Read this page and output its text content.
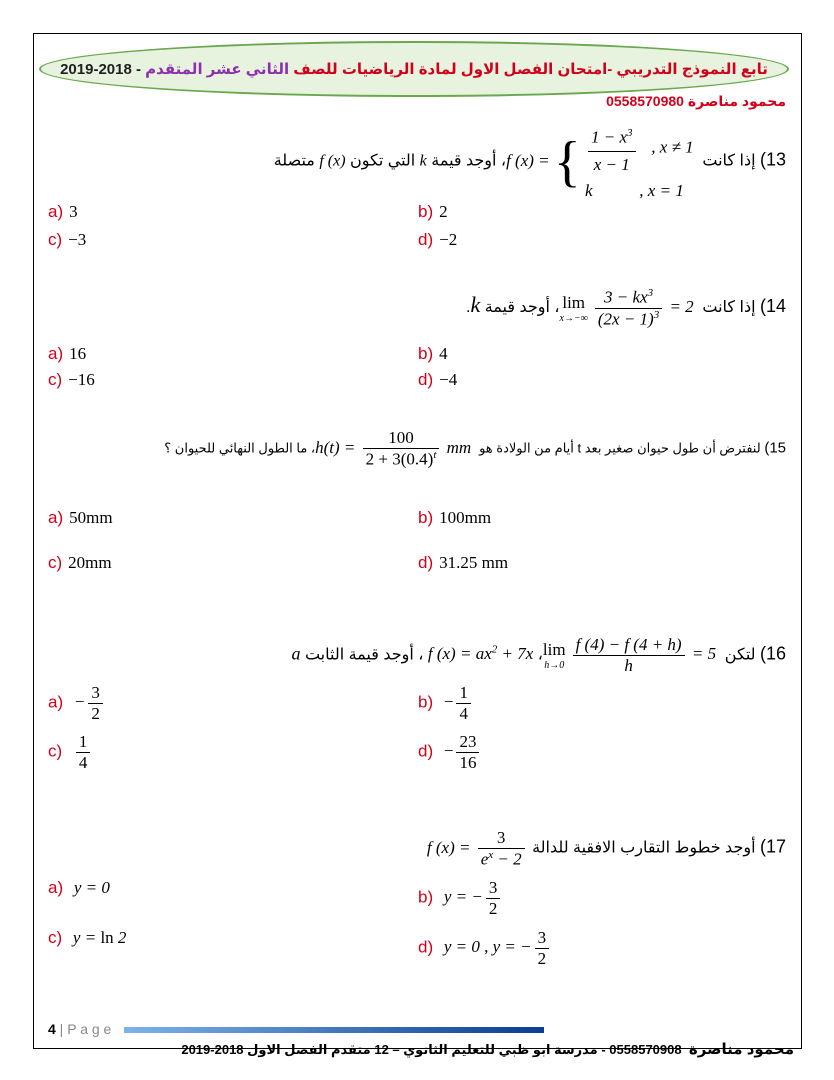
تابع النموذج التدريبي -امتحان الفصل الاول لمادة الرياضيات للصف الثاني عشر المتقدم - 2018-2019
محمود مناصرة 0558570980
13) إذا كانت f (x) = { $\frac{1 - x^3}{x - 1}$ , x ≠ 1
k           , x = 1
، أوجد قيمة k التي تكون f (x) متصلة
a) 3	b) 2
c) −3	d) −2
14) إذا كانت lim
$x\to-\infty \frac{3 - kx^3}{(2x - 1)^3} = 2$ ، أوجد قيمة k.
a) 16	b) 4
c) −16	d) −4
15) لنفترض أن طول حيوان صغير بعد t أيام من الولادة هو $h(t) = \frac{100}{2 + 3(0.4)^t}$ mm ، ما الطول النهائي للحيوان ؟
a) 50mm	b) 100mm
c) 20mm	d) 31.25 mm
16) لتكن lim
$h\to 0 \frac{f (4) - f (4 + h)}{h} = 5$ ، f $(x) = ax^2 + 7x$ ، أوجد قيمة الثابت a
$a) - \frac{3}{2}$	$b) - \frac{1}{4}$
$c) \frac{1}{4}$	$d) - \frac{23}{16}$
17) أوجد خطوط التقارب الافقية للدالة f $(x) = \frac{3}{e^x - 2}$
a) y = 0	b) y = − $\frac{3}{2}$
c) y = ln 2	d) y = 0 , y = − $\frac{3}{2}$
4 | P a g e
محمود مناصرة  0558570908 - مدرسة ابو ظبي للتعليم الثانوي – 12 متقدم الفصل الاول 2018-2019
